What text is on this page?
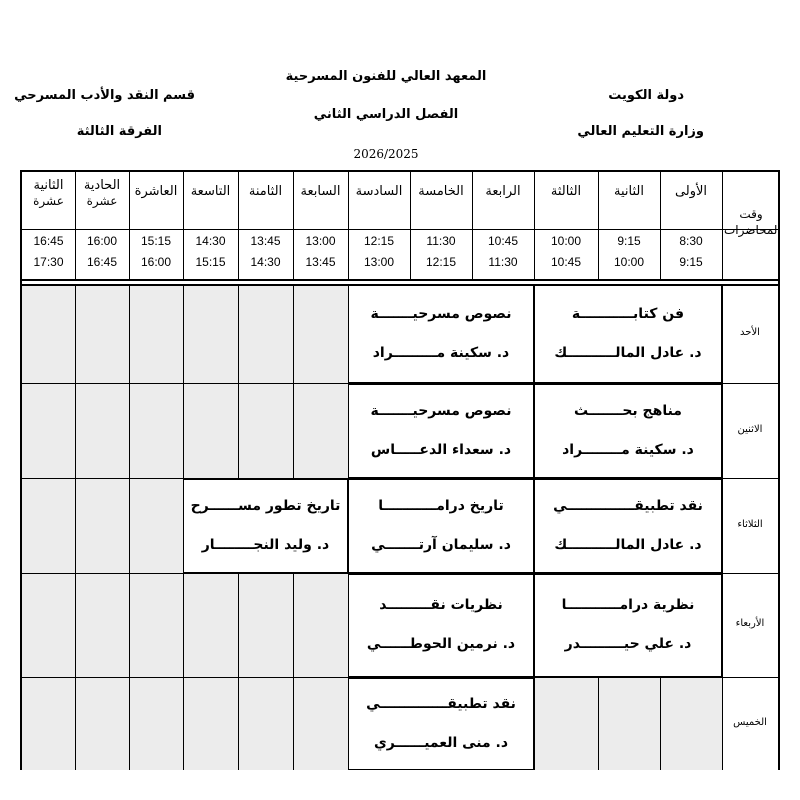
المعهد العالي للفنون المسرحية
الفصل الدراسي الثاني
2026/2025
دولة الكويت
وزارة التعليم العالي
قسم النقد والأدب المسرحي
الفرقة الثالثة
وقت
المحاضرات
الأولى
8:30
9:15
الثانية
9:15
10:00
الثالثة
10:00
10:45
الرابعة
10:45
11:30
الخامسة
11:30
12:15
السادسة
12:15
13:00
السابعة
13:00
13:45
الثامنة
13:45
14:30
التاسعة
14:30
15:15
العاشرة
15:15
16:00
الحادية
عشرة
16:00
16:45
الثانية
عشرة
16:45
17:30
الأحد
الاثنين
الثلاثاء
الأربعاء
الخميس
فن كتابـــــــــــة
د. عادل المالــــــــــك
نصوص مسرحيـــــــة
د. سكينة مـــــــــراد
مناهج بحـــــــث
د. سكينة مــــــــراد
نصوص مسرحيـــــــة
د. سعداء الدعـــــاس
نقد تطبيقــــــــــــــي
د. عادل المالــــــــــك
تاريخ درامـــــــــــا
د. سليمان آرتـــــــي
تاريخ تطور مســــــرح
د. وليد النجــــــــار
نظرية درامـــــــــــا
د. علي حيـــــــــدر
نظريات نقـــــــــد
د. نرمين الحوطــــــي
نقد تطبيقــــــــــــــي
د. منى العميــــــري
